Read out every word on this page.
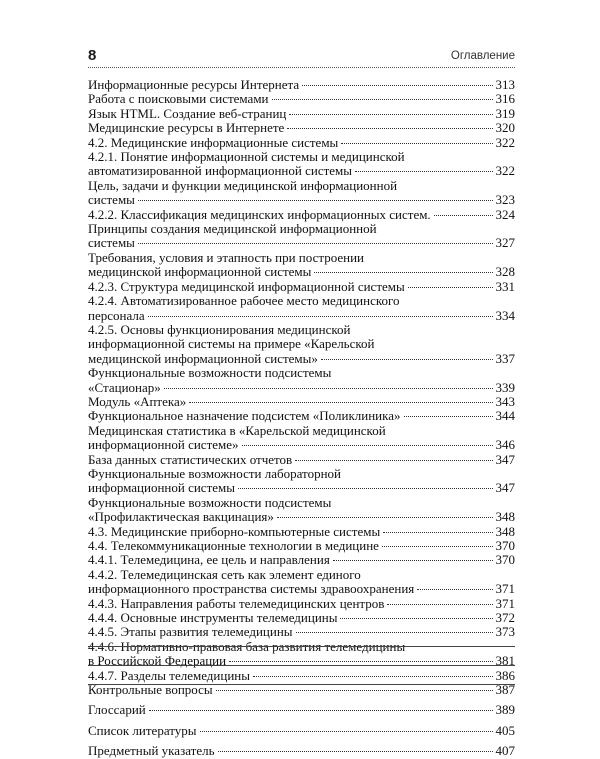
8	Оглавление
Информационные ресурсы Интернета	313
Работа с поисковыми системами	316
Язык HTML. Создание веб-страниц	319
Медицинские ресурсы в Интернете	320
4.2. Медицинские информационные системы	322
4.2.1. Понятие информационной системы и медицинской
автоматизированной информационной системы	322
Цель, задачи и функции медицинской информационной
системы	323
4.2.2. Классификация медицинских информационных систем.	324
Принципы создания медицинской информационной
системы	327
Требования, условия и этапность при построении
медицинской информационной системы	328
4.2.3. Структура медицинской информационной системы	331
4.2.4. Автоматизированное рабочее место медицинского
персонала	334
4.2.5. Основы функционирования медицинской
информационной системы на примере «Карельской
медицинской информационной системы»	337
Функциональные возможности подсистемы
«Стационар»	339
Модуль «Аптека»	343
Функциональное назначение подсистем «Поликлиника»	344
Медицинская статистика в «Карельской медицинской
информационной системе»	346
База данных статистических отчетов	347
Функциональные возможности лабораторной
информационной системы	347
Функциональные возможности подсистемы
«Профилактическая вакцинация»	348
4.3. Медицинские приборно-компьютерные системы	348
4.4. Телекоммуникационные технологии в медицине	370
4.4.1. Телемедицина, ее цель и направления	370
4.4.2. Телемедицинская сеть как элемент единого
информационного пространства системы здравоохранения	371
4.4.3. Направления работы телемедицинских центров	371
4.4.4. Основные инструменты телемедицины	372
4.4.5. Этапы развития телемедицины	373
4.4.6. Нормативно-правовая база развития телемедицины
в Российской Федерации	381
4.4.7. Разделы телемедицины	386
Контрольные вопросы	387
Глоссарий	389
Список литературы	405
Предметный указатель	407
